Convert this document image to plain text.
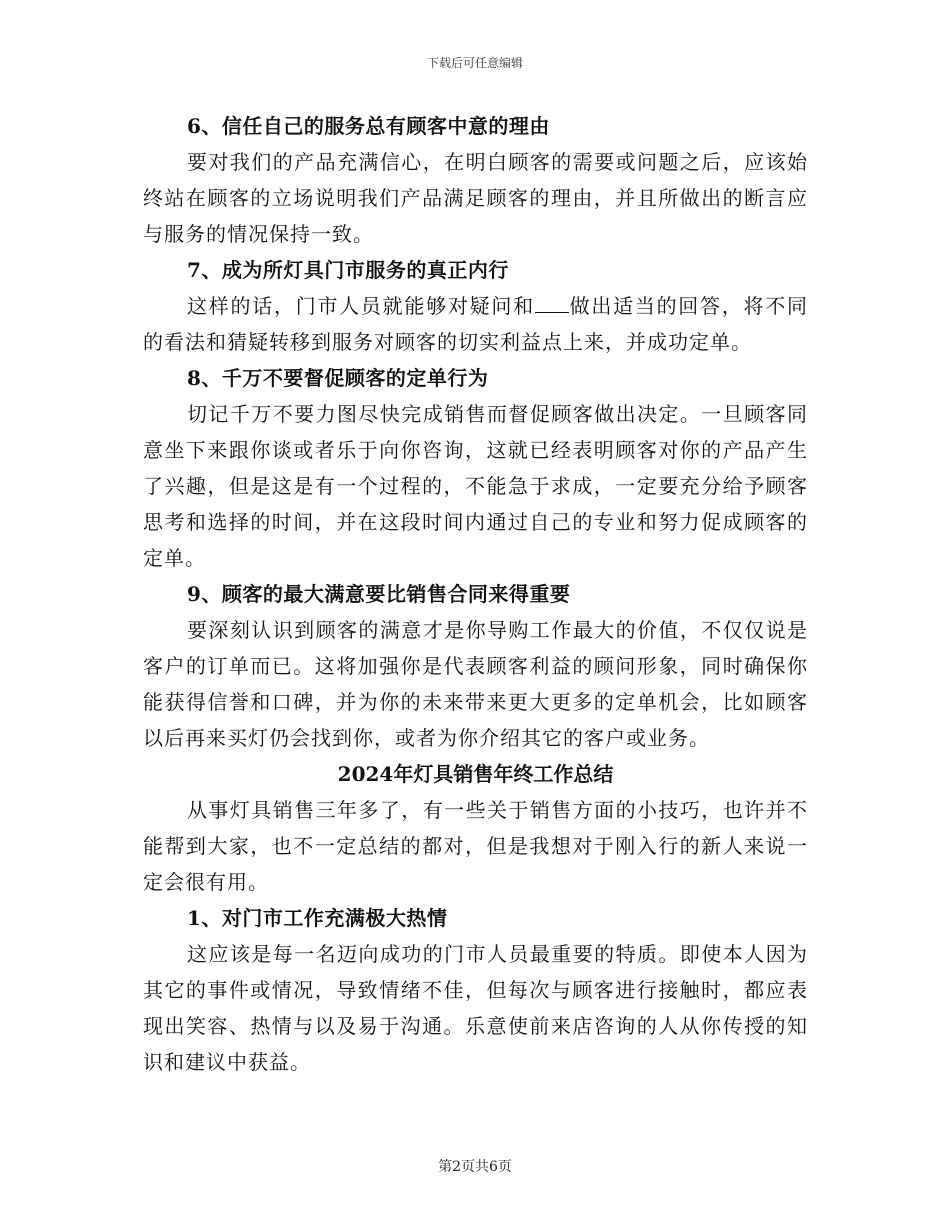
下载后可任意编辑

6、信任自己的服务总有顾客中意的理由

要对我们的产品充满信心，在明白顾客的需要或问题之后，应该始终站在顾客的立场说明我们产品满足顾客的理由，并且所做出的断言应与服务的情况保持一致。

7、成为所灯具门市服务的真正内行

这样的话，门市人员就能够对疑问和 做出适当的回答，将不同的看法和猜疑转移到服务对顾客的切实利益点上来，并成功定单。

8、千万不要督促顾客的定单行为

切记千万不要力图尽快完成销售而督促顾客做出决定。一旦顾客同意坐下来跟你谈或者乐于向你咨询，这就已经表明顾客对你的产品产生了兴趣，但是这是有一个过程的，不能急于求成，一定要充分给予顾客思考和选择的时间，并在这段时间内通过自己的专业和努力促成顾客的定单。

9、顾客的最大满意要比销售合同来得重要

要深刻认识到顾客的满意才是你导购工作最大的价值，不仅仅说是客户的订单而已。这将加强你是代表顾客利益的顾问形象，同时确保你能获得信誉和口碑，并为你的未来带来更大更多的定单机会，比如顾客以后再来买灯仍会找到你，或者为你介绍其它的客户或业务。

2024年灯具销售年终工作总结

从事灯具销售三年多了，有一些关于销售方面的小技巧，也许并不能帮到大家，也不一定总结的都对，但是我想对于刚入行的新人来说一定会很有用。

1、对门市工作充满极大热情

这应该是每一名迈向成功的门市人员最重要的特质。即使本人因为其它的事件或情况，导致情绪不佳，但每次与顾客进行接触时，都应表现出笑容、热情与以及易于沟通。乐意使前来店咨询的人从你传授的知识和建议中获益。

第2页共6页
